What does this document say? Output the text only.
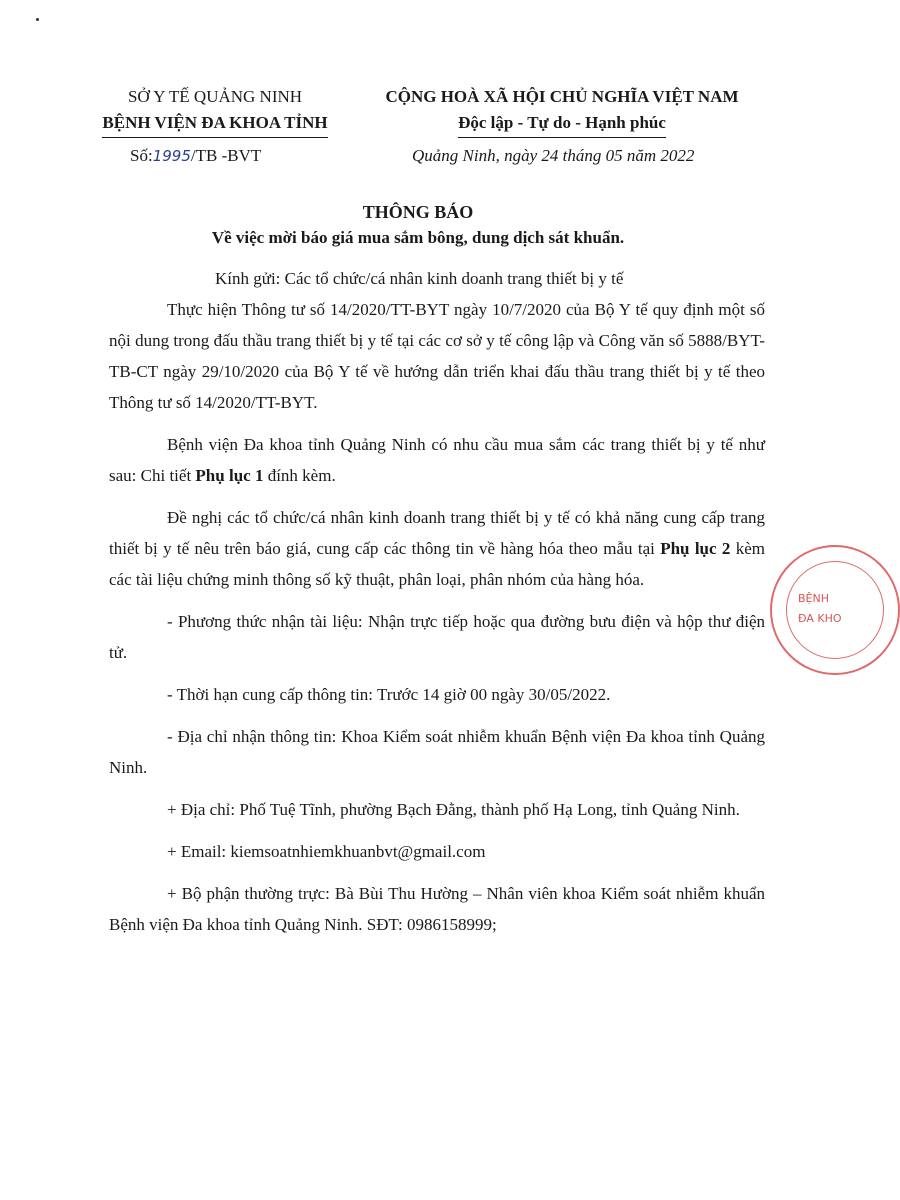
SỞ Y TẾ QUẢNG NINH
BỆNH VIỆN ĐA KHOA TỈNH
CỘNG HOÀ XÃ HỘI CHỦ NGHĨA VIỆT NAM
Độc lập - Tự do - Hạnh phúc
Số:1995/TB -BVT	Quảng Ninh, ngày 24 tháng 05 năm 2022
THÔNG BÁO
Về việc mời báo giá mua sắm bông, dung dịch sát khuẩn.

Kính gửi: Các tổ chức/cá nhân kinh doanh trang thiết bị y tế

Thực hiện Thông tư số 14/2020/TT-BYT ngày 10/7/2020 của Bộ Y tế quy định một số nội dung trong đấu thầu trang thiết bị y tế tại các cơ sở y tế công lập và Công văn số 5888/BYT-TB-CT ngày 29/10/2020 của Bộ Y tế về hướng dẫn triển khai đấu thầu trang thiết bị y tế theo Thông tư số 14/2020/TT-BYT.

Bệnh viện Đa khoa tỉnh Quảng Ninh có nhu cầu mua sắm các trang thiết bị y tế như sau: Chi tiết Phụ lục 1 đính kèm.

Đề nghị các tổ chức/cá nhân kinh doanh trang thiết bị y tế có khả năng cung cấp trang thiết bị y tế nêu trên báo giá, cung cấp các thông tin về hàng hóa theo mẫu tại Phụ lục 2 kèm các tài liệu chứng minh thông số kỹ thuật, phân loại, phân nhóm của hàng hóa.

- Phương thức nhận tài liệu: Nhận trực tiếp hoặc qua đường bưu điện và hộp thư điện tử.

- Thời hạn cung cấp thông tin: Trước 14 giờ 00 ngày 30/05/2022.

- Địa chỉ nhận thông tin: Khoa Kiểm soát nhiễm khuẩn Bệnh viện Đa khoa tỉnh Quảng Ninh.

+ Địa chỉ: Phố Tuệ Tĩnh, phường Bạch Đằng, thành phố Hạ Long, tỉnh Quảng Ninh.

+ Email: kiemsoatnhiemkhuanbvt@gmail.com

+ Bộ phận thường trực: Bà Bùi Thu Hường – Nhân viên khoa Kiểm soát nhiễm khuẩn Bệnh viện Đa khoa tỉnh Quảng Ninh. SĐT: 0986158999;

BỆNH
ĐA KHO
